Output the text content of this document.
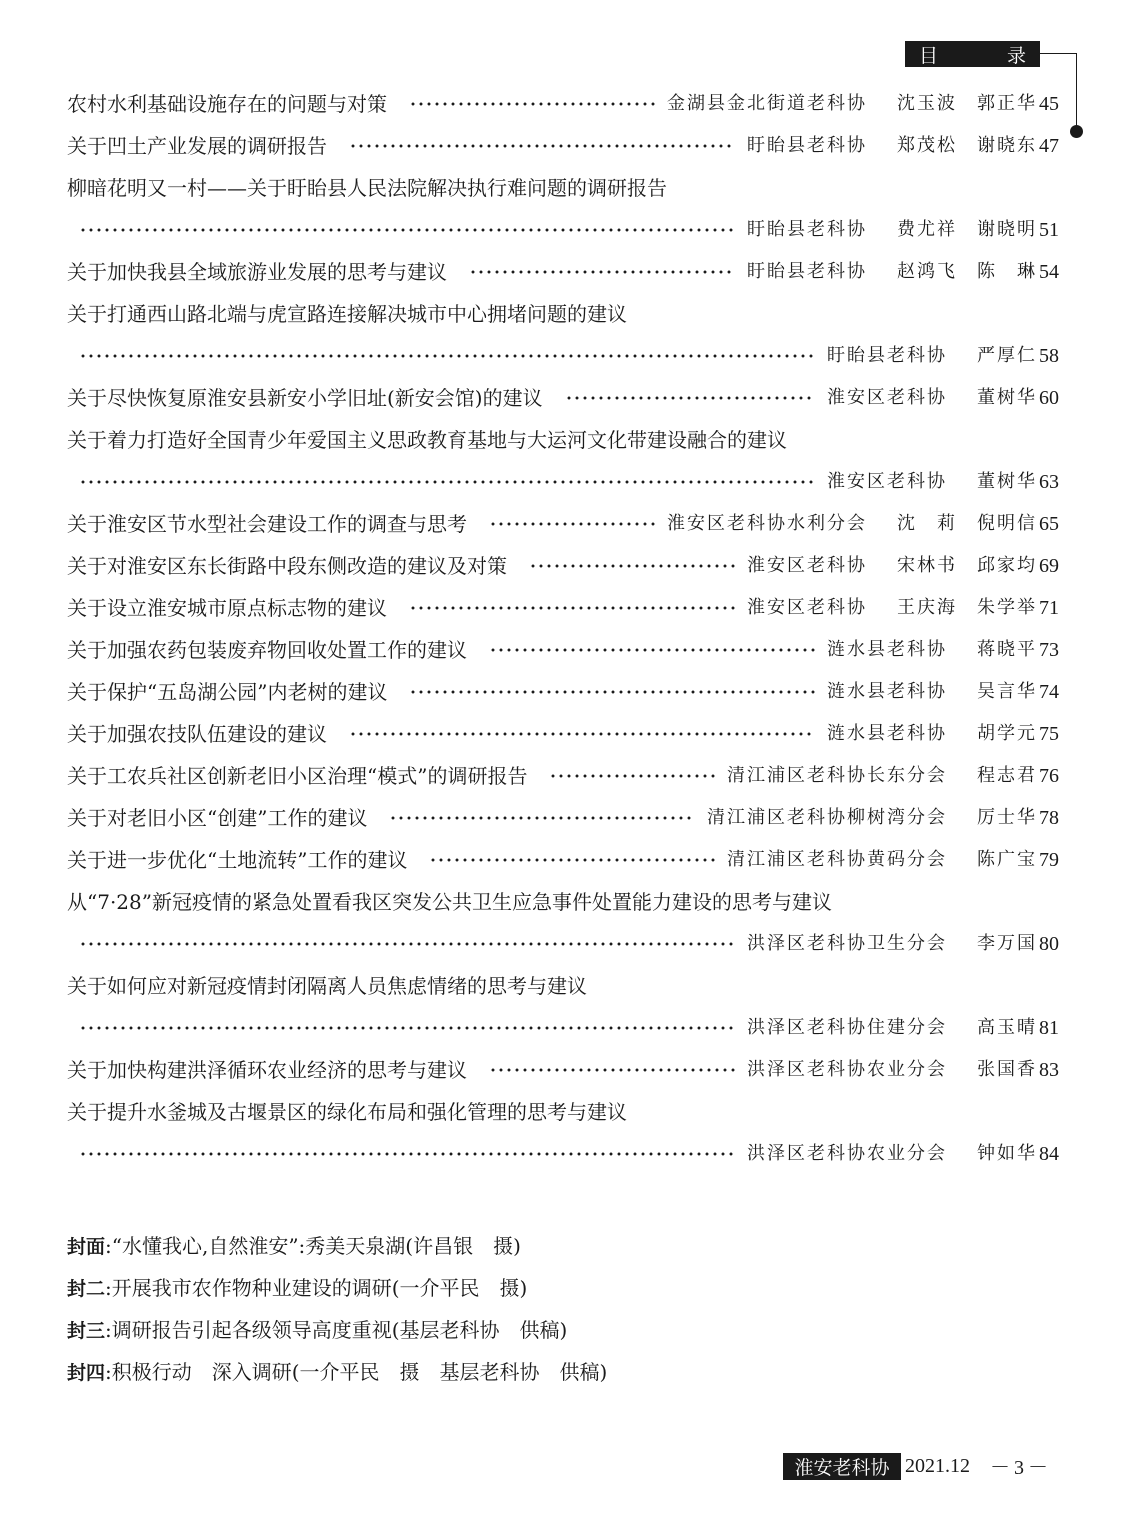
目	录
农村水利基础设施存在的问题与对策	金湖县金北街道老科协 沈玉波　郭正华 45
关于凹土产业发展的调研报告	盱眙县老科协 郑茂松　谢晓东 47
柳暗花明又一村——关于盱眙县人民法院解决执行难问题的调研报告
盱眙县老科协 费尤祥　谢晓明 51
关于加快我县全域旅游业发展的思考与建议	盱眙县老科协 赵鸿飞　陈　琳 54
关于打通西山路北端与虎宣路连接解决城市中心拥堵问题的建议
盱眙县老科协 严厚仁 58
关于尽快恢复原淮安县新安小学旧址(新安会馆)的建议	淮安区老科协 董树华 60
关于着力打造好全国青少年爱国主义思政教育基地与大运河文化带建设融合的建议
淮安区老科协 董树华 63
关于淮安区节水型社会建设工作的调查与思考	淮安区老科协水利分会 沈　莉　倪明信 65
关于对淮安区东长街路中段东侧改造的建议及对策	淮安区老科协 宋林书　邱家均 69
关于设立淮安城市原点标志物的建议	淮安区老科协 王庆海　朱学举 71
关于加强农药包装废弃物回收处置工作的建议	涟水县老科协 蒋晓平 73
关于保护“五岛湖公园”内老树的建议	涟水县老科协 吴言华 74
关于加强农技队伍建设的建议	涟水县老科协 胡学元 75
关于工农兵社区创新老旧小区治理“模式”的调研报告	清江浦区老科协长东分会 程志君 76
关于对老旧小区“创建”工作的建议	清江浦区老科协柳树湾分会 厉士华 78
关于进一步优化“土地流转”工作的建议	清江浦区老科协黄码分会 陈广宝 79
从“7·28”新冠疫情的紧急处置看我区突发公共卫生应急事件处置能力建设的思考与建议
洪泽区老科协卫生分会 李万国 80
关于如何应对新冠疫情封闭隔离人员焦虑情绪的思考与建议
洪泽区老科协住建分会 高玉晴 81
关于加快构建洪泽循环农业经济的思考与建议	洪泽区老科协农业分会 张国香 83
关于提升水釜城及古堰景区的绿化布局和强化管理的思考与建议
洪泽区老科协农业分会 钟如华 84
封面:“水懂我心,自然淮安”:秀美天泉湖(许昌银　摄)
封二:开展我市农作物种业建设的调研(一介平民　摄)
封三:调研报告引起各级领导高度重视(基层老科协　供稿)
封四:积极行动　深入调研(一介平民　摄　基层老科协　供稿)
淮安老科协 2021.12 －3－
